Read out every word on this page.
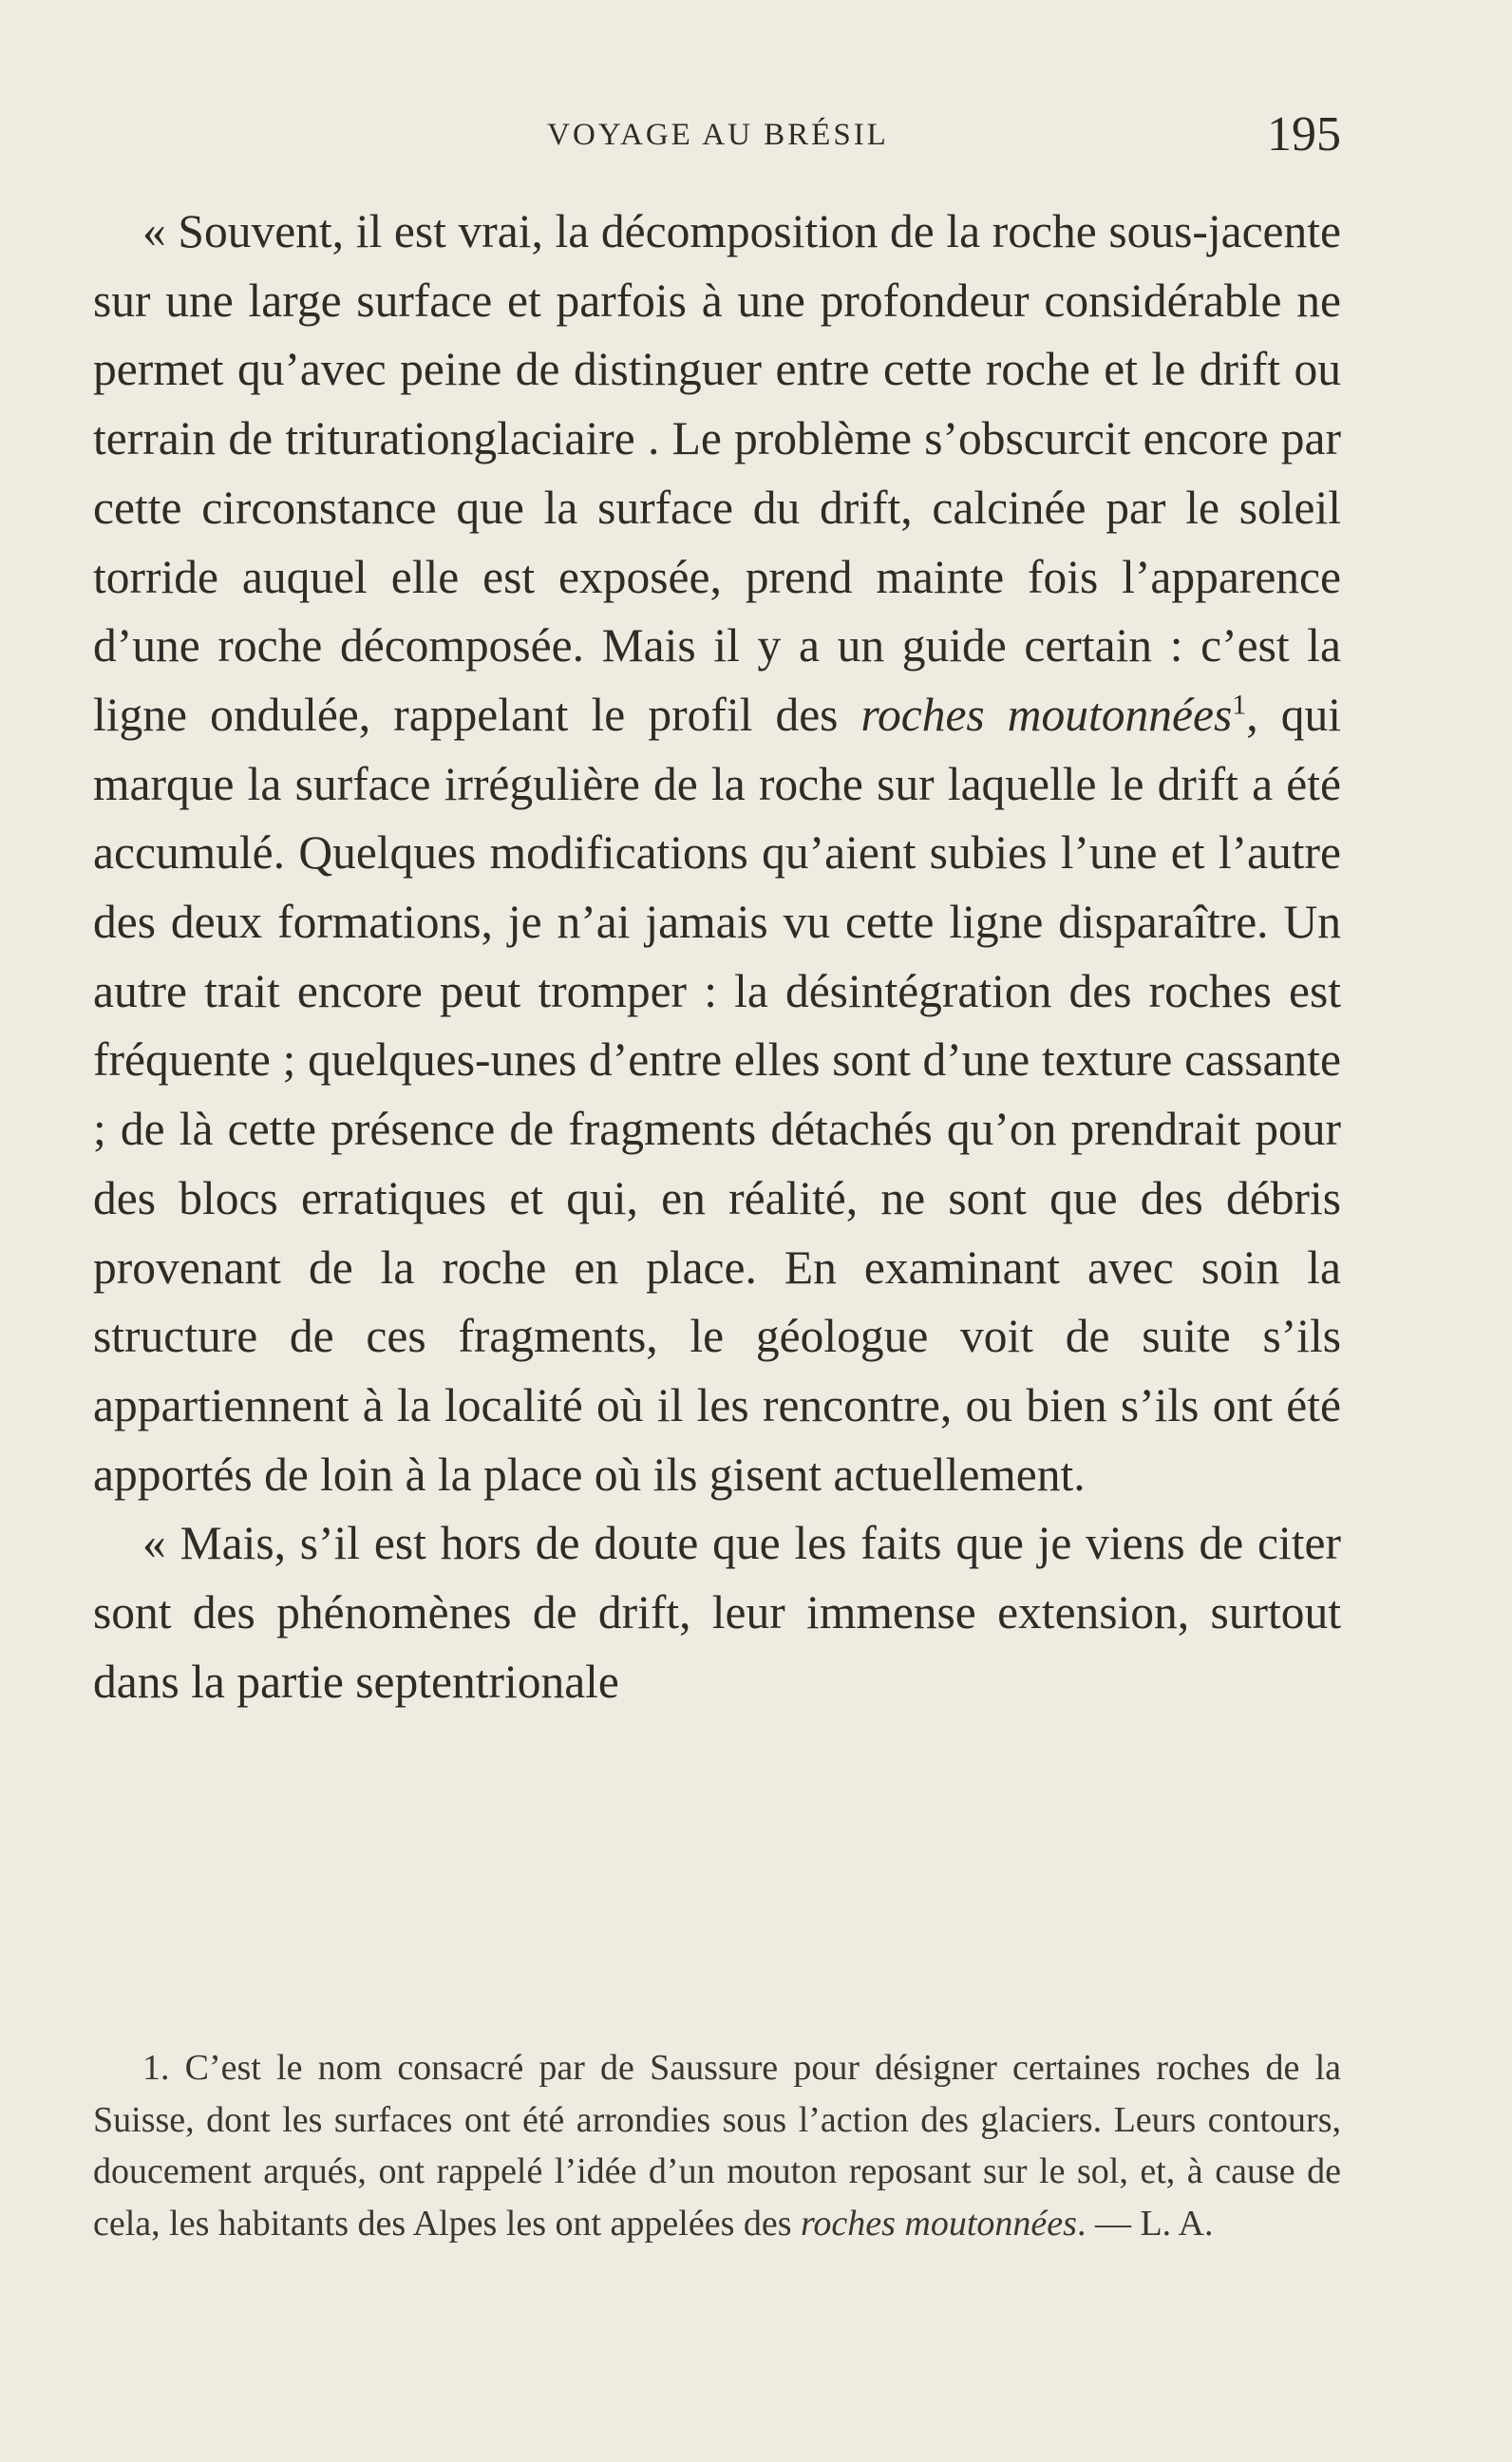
VOYAGE AU BRÉSIL	195

« Souvent, il est vrai, la décomposition de la roche sous-jacente sur une large surface et parfois à une profondeur considérable ne permet qu’avec peine de distinguer entre cette roche et le drift ou terrain de triturationglaciaire . Le problème s’obscurcit encore par cette circonstance que la surface du drift, calcinée par le soleil torride auquel elle est exposée, prend mainte fois l’apparence d’une roche décomposée. Mais il y a un guide certain : c’est la ligne ondulée, rappelant le profil des roches moutonnées$^1$, qui marque la surface irrégulière de la roche sur laquelle le drift a été accumulé. Quelques modifications qu’aient subies l’une et l’autre des deux formations, je n’ai jamais vu cette ligne disparaître. Un autre trait encore peut tromper : la désintégration des roches est fréquente ; quelques-unes d’entre elles sont d’une texture cassante ; de là cette présence de fragments détachés qu’on prendrait pour des blocs erratiques et qui, en réalité, ne sont que des débris provenant de la roche en place. En examinant avec soin la structure de ces fragments, le géologue voit de suite s’ils appartiennent à la localité où il les rencontre, ou bien s’ils ont été apportés de loin à la place où ils gisent actuellement.

« Mais, s’il est hors de doute que les faits que je viens de citer sont des phénomènes de drift, leur immense extension, surtout dans la partie septentrionale

1. C’est le nom consacré par de Saussure pour désigner certaines roches de la Suisse, dont les surfaces ont été arrondies sous l’action des glaciers. Leurs contours, doucement arqués, ont rappelé l’idée d’un mouton reposant sur le sol, et, à cause de cela, les habitants des Alpes les ont appelées des roches moutonnées. — L. A.
